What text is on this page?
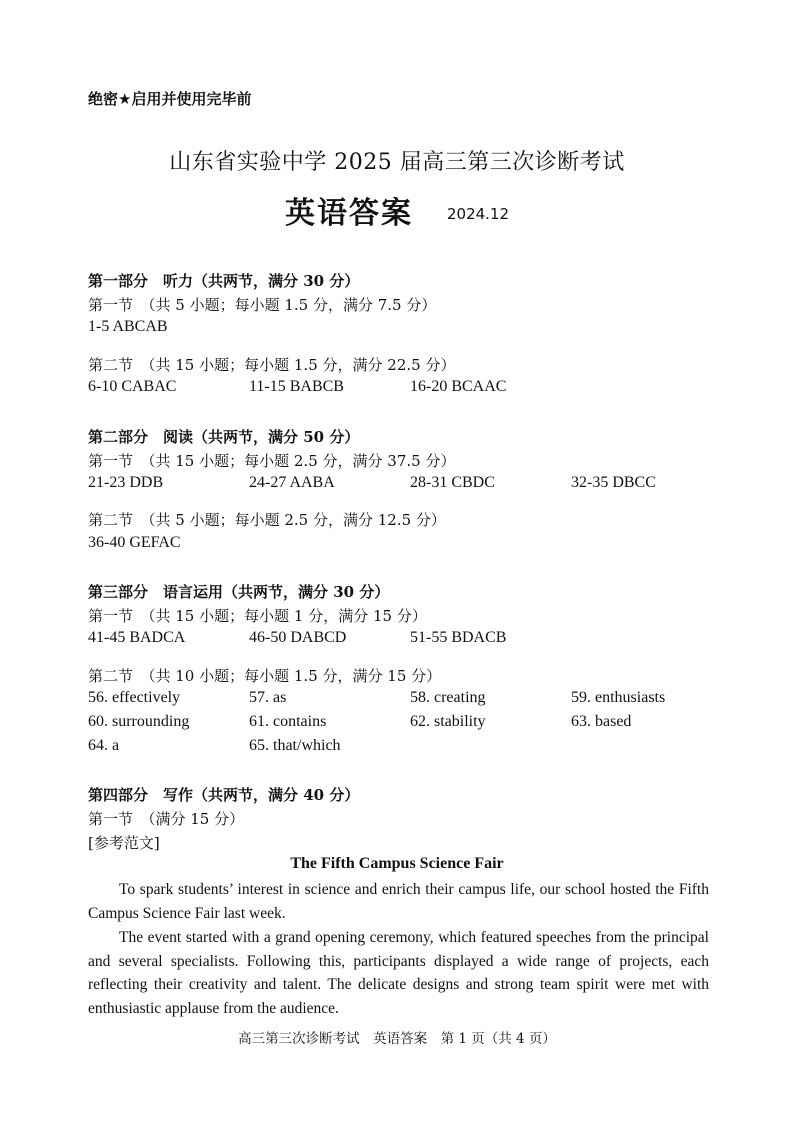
绝密★启用并使用完毕前
山东省实验中学 2025 届高三第三次诊断考试
英语答案 2024.12
第一部分　听力（共两节，满分 30 分）
第一节　（共 5 小题；每小题 1.5 分，满分 7.5 分）
1-5 ABCAB
第二节　（共 15 小题；每小题 1.5 分，满分 22.5 分）
6-10 CABAC	11-15 BABCB	16-20 BCAAC
第二部分　阅读（共两节，满分 50 分）
第一节　（共 15 小题；每小题 2.5 分，满分 37.5 分）
21-23 DDB	24-27 AABA	28-31 CBDC	32-35 DBCC
第二节　（共 5 小题；每小题 2.5 分，满分 12.5 分）
36-40 GEFAC
第三部分　语言运用（共两节，满分 30 分）
第一节　（共 15 小题；每小题 1 分，满分 15 分）
41-45 BADCA	46-50 DABCD	51-55 BDACB
第二节　（共 10 小题；每小题 1.5 分，满分 15 分）
56. effectively	57. as	58. creating	59. enthusiasts
60. surrounding	61. contains	62. stability	63. based
64. a	65. that/which
第四部分　写作（共两节，满分 40 分）
第一节　（满分 15 分）
[参考范文]
The Fifth Campus Science Fair

To spark students’ interest in science and enrich their campus life, our school hosted the Fifth Campus Science Fair last week.

The event started with a grand opening ceremony, which featured speeches from the principal and several specialists. Following this, participants displayed a wide range of projects, each reflecting their creativity and talent. The delicate designs and strong team spirit were met with enthusiastic applause from the audience.

高三第三次诊断考试　英语答案　第 1 页（共 4 页）
